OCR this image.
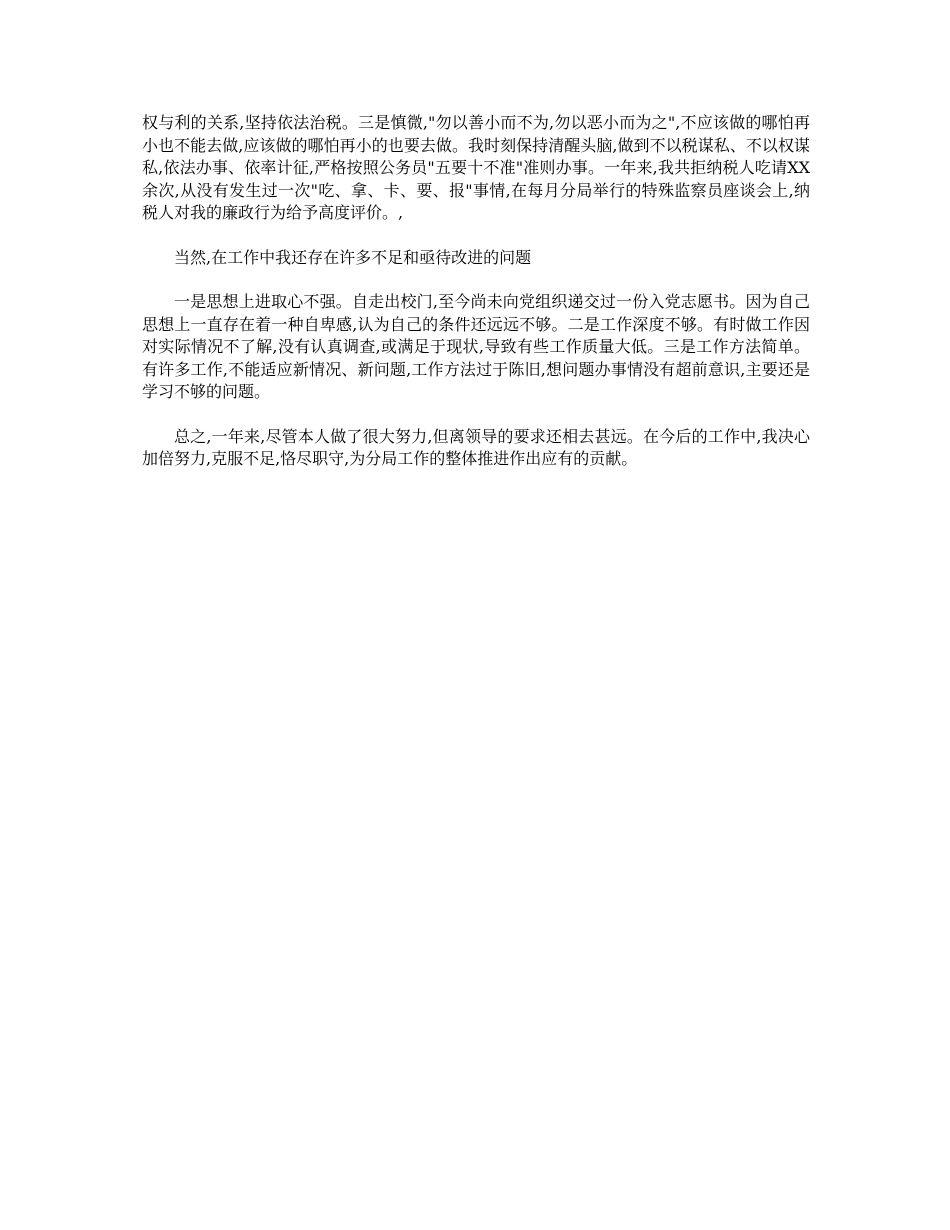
权与利的关系,坚持依法治税。三是慎微,"勿以善小而不为,勿以恶小而为之",不应该做的哪怕再小也不能去做,应该做的哪怕再小的也要去做。我时刻保持清醒头脑,做到不以税谋私、不以权谋私,依法办事、依率计征,严格按照公务员"五要十不准"准则办事。一年来,我共拒纳税人吃请XX余次,从没有发生过一次"吃、拿、卡、要、报"事情,在每月分局举行的特殊监察员座谈会上,纳税人对我的廉政行为给予高度评价。,

当然,在工作中我还存在许多不足和亟待改进的问题

一是思想上进取心不强。自走出校门,至今尚未向党组织递交过一份入党志愿书。因为自己思想上一直存在着一种自卑感,认为自己的条件还远远不够。二是工作深度不够。有时做工作因对实际情况不了解,没有认真调查,或满足于现状,导致有些工作质量大低。三是工作方法简单。有许多工作,不能适应新情况、新问题,工作方法过于陈旧,想问题办事情没有超前意识,主要还是学习不够的问题。

总之,一年来,尽管本人做了很大努力,但离领导的要求还相去甚远。在今后的工作中,我决心加倍努力,克服不足,恪尽职守,为分局工作的整体推进作出应有的贡献。
